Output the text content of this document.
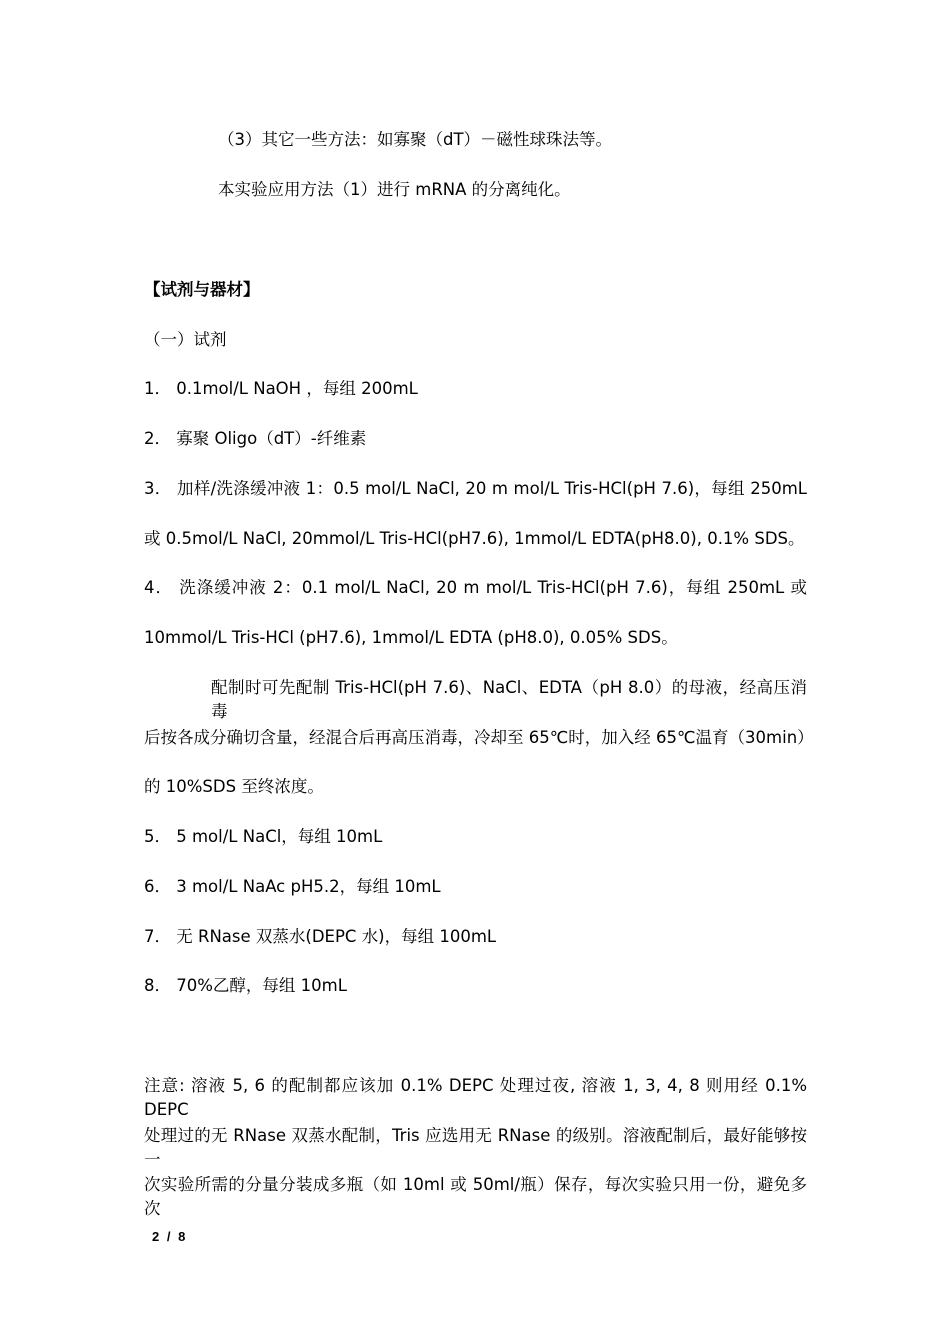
（3）其它一些方法：如寡聚（dT）－磁性球珠法等。
本实验应用方法（1）进行 mRNA 的分离纯化。
【试剂与器材】
（一）试剂
1． 0.1mol/L NaOH ，每组 200mL
2． 寡聚 Oligo（dT）-纤维素
3． 加样/洗涤缓冲液 1：0.5 mol/L NaCl, 20 m mol/L Tris-HCl(pH 7.6)，每组 250mL
或 0.5mol/L NaCl, 20mmol/L Tris-HCl(pH7.6), 1mmol/L EDTA(pH8.0), 0.1% SDS。
4． 洗涤缓冲液 2：0.1 mol/L NaCl, 20 m mol/L Tris-HCl(pH 7.6)，每组 250mL 或
10mmol/L Tris-HCl (pH7.6), 1mmol/L EDTA (pH8.0), 0.05% SDS。
配制时可先配制 Tris-HCl(pH 7.6)、NaCl、EDTA（pH 8.0）的母液，经高压消毒
后按各成分确切含量，经混合后再高压消毒，冷却至 65℃时，加入经 65℃温育（30min）
的 10%SDS 至终浓度。
5． 5 mol/L NaCl，每组 10mL
6． 3 mol/L NaAc pH5.2，每组 10mL
7． 无 RNase 双蒸水(DEPC 水)，每组 100mL
8． 70%乙醇，每组 10mL
注意: 溶液 5, 6 的配制都应该加 0.1% DEPC 处理过夜, 溶液 1, 3, 4, 8 则用经 0.1% DEPC
处理过的无 RNase 双蒸水配制，Tris 应选用无 RNase 的级别。溶液配制后，最好能够按一
次实验所需的分量分装成多瓶（如 10ml 或 50ml/瓶）保存，每次实验只用一份，避免多次
2 / 8
